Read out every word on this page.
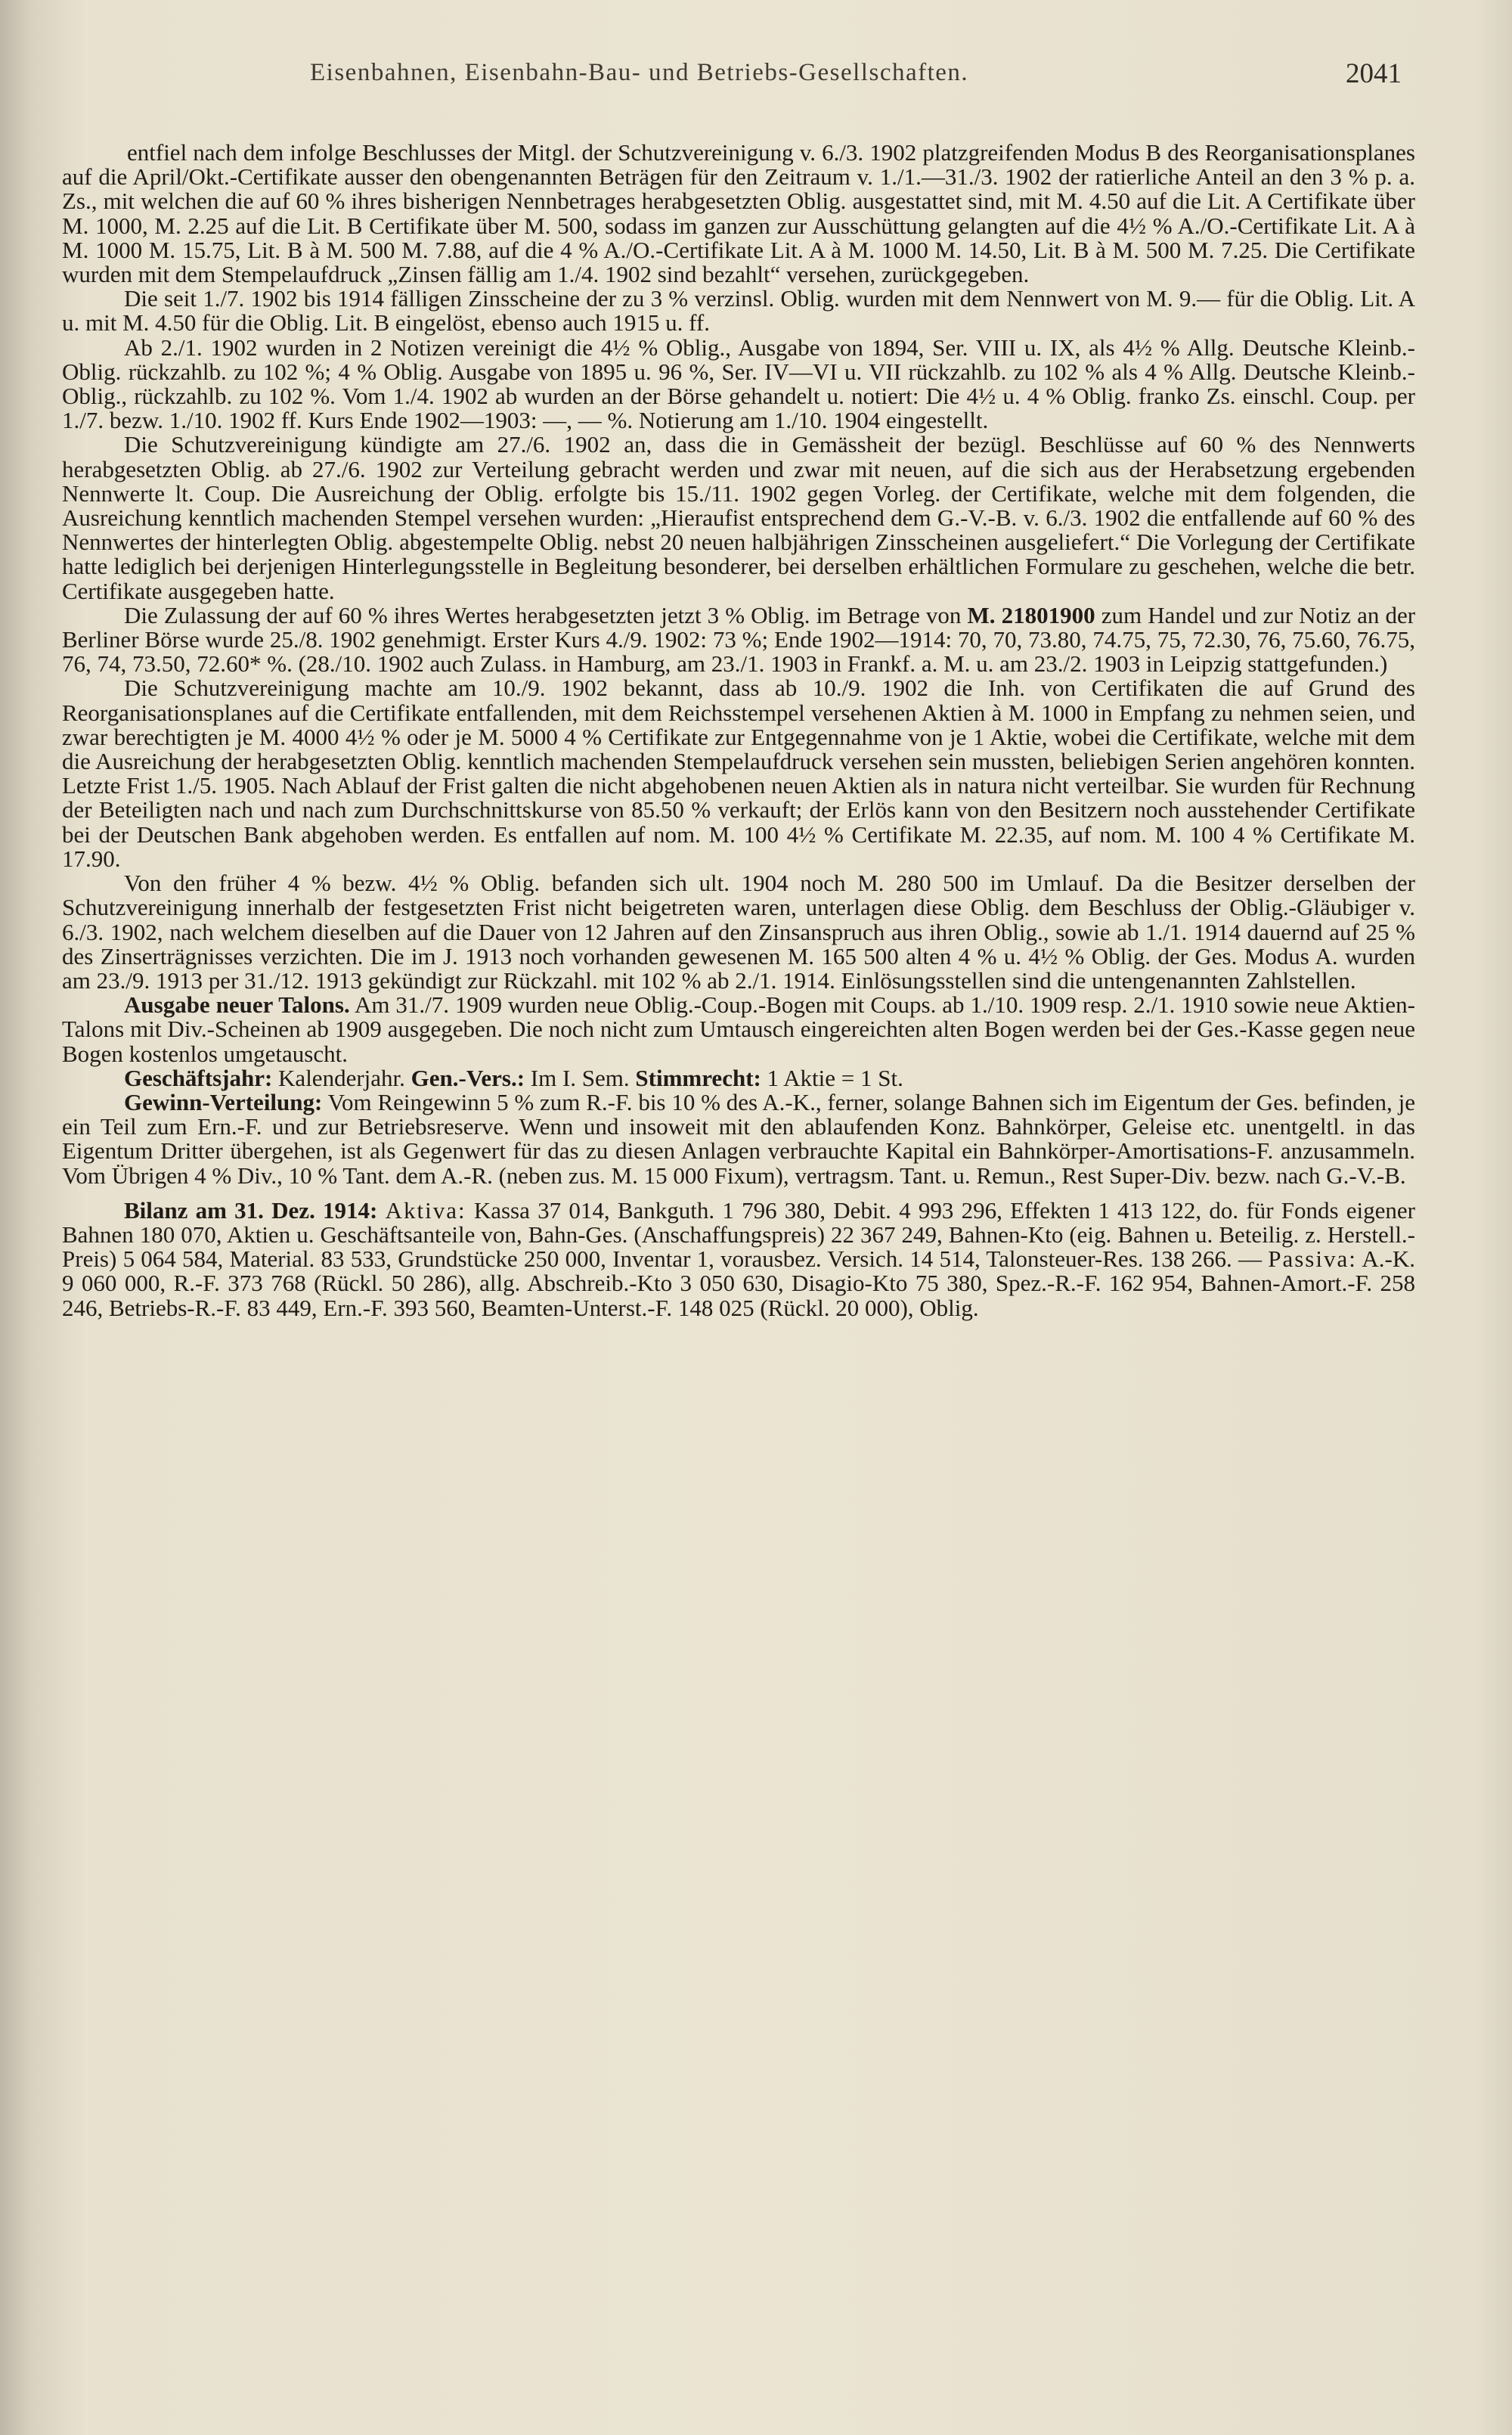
Eisenbahnen, Eisenbahn-Bau- und Betriebs-Gesellschaften.	2041

entfiel nach dem infolge Beschlusses der Mitgl. der Schutzvereinigung v. 6./3. 1902 platzgreifenden Modus B des Reorganisationsplanes auf die April/Okt.-Certifikate ausser den obengenannten Beträgen für den Zeitraum v. 1./1.—31./3. 1902 der ratierliche Anteil an den 3 % p. a. Zs., mit welchen die auf 60 % ihres bisherigen Nennbetrages herabgesetzten Oblig. ausgestattet sind, mit M. 4.50 auf die Lit. A Certifikate über M. 1000, M. 2.25 auf die Lit. B Certifikate über M. 500, sodass im ganzen zur Ausschüttung gelangten auf die 4½ % A./O.-Certifikate Lit. A à M. 1000 M. 15.75, Lit. B à M. 500 M. 7.88, auf die 4 % A./O.-Certifikate Lit. A à M. 1000 M. 14.50, Lit. B à M. 500 M. 7.25. Die Certifikate wurden mit dem Stempelaufdruck „Zinsen fällig am 1./4. 1902 sind bezahlt“ versehen, zurückgegeben.

Die seit 1./7. 1902 bis 1914 fälligen Zinsscheine der zu 3 % verzinsl. Oblig. wurden mit dem Nennwert von M. 9.— für die Oblig. Lit. A u. mit M. 4.50 für die Oblig. Lit. B eingelöst, ebenso auch 1915 u. ff.

Ab 2./1. 1902 wurden in 2 Notizen vereinigt die 4½ % Oblig., Ausgabe von 1894, Ser. VIII u. IX, als 4½ % Allg. Deutsche Kleinb.-Oblig. rückzahlb. zu 102 %; 4 % Oblig. Ausgabe von 1895 u. 96 %, Ser. IV—VI u. VII rückzahlb. zu 102 % als 4 % Allg. Deutsche Kleinb.-Oblig., rückzahlb. zu 102 %. Vom 1./4. 1902 ab wurden an der Börse gehandelt u. notiert: Die 4½ u. 4 % Oblig. franko Zs. einschl. Coup. per 1./7. bezw. 1./10. 1902 ff. Kurs Ende 1902—1903: —, — %. Notierung am 1./10. 1904 eingestellt.

Die Schutzvereinigung kündigte am 27./6. 1902 an, dass die in Gemässheit der bezügl. Beschlüsse auf 60 % des Nennwerts herabgesetzten Oblig. ab 27./6. 1902 zur Verteilung gebracht werden und zwar mit neuen, auf die sich aus der Herabsetzung ergebenden Nennwerte lt. Coup. Die Ausreichung der Oblig. erfolgte bis 15./11. 1902 gegen Vorleg. der Certifikate, welche mit dem folgenden, die Ausreichung kenntlich machenden Stempel versehen wurden: „Hieraufist entsprechend dem G.-V.-B. v. 6./3. 1902 die entfallende auf 60 % des Nennwertes der hinterlegten Oblig. abgestempelte Oblig. nebst 20 neuen halbjährigen Zinsscheinen ausgeliefert.“ Die Vorlegung der Certifikate hatte lediglich bei derjenigen Hinterlegungsstelle in Begleitung besonderer, bei derselben erhältlichen Formulare zu geschehen, welche die betr. Certifikate ausgegeben hatte.

Die Zulassung der auf 60 % ihres Wertes herabgesetzten jetzt 3 % Oblig. im Betrage von M. 21801900 zum Handel und zur Notiz an der Berliner Börse wurde 25./8. 1902 genehmigt. Erster Kurs 4./9. 1902: 73 %; Ende 1902—1914: 70, 70, 73.80, 74.75, 75, 72.30, 76, 75.60, 76.75, 76, 74, 73.50, 72.60* %. (28./10. 1902 auch Zulass. in Hamburg, am 23./1. 1903 in Frankf. a. M. u. am 23./2. 1903 in Leipzig stattgefunden.)

Die Schutzvereinigung machte am 10./9. 1902 bekannt, dass ab 10./9. 1902 die Inh. von Certifikaten die auf Grund des Reorganisationsplanes auf die Certifikate entfallenden, mit dem Reichsstempel versehenen Aktien à M. 1000 in Empfang zu nehmen seien, und zwar berechtigten je M. 4000 4½ % oder je M. 5000 4 % Certifikate zur Entgegennahme von je 1 Aktie, wobei die Certifikate, welche mit dem die Ausreichung der herabgesetzten Oblig. kenntlich machenden Stempelaufdruck versehen sein mussten, beliebigen Serien angehören konnten. Letzte Frist 1./5. 1905. Nach Ablauf der Frist galten die nicht abgehobenen neuen Aktien als in natura nicht verteilbar. Sie wurden für Rechnung der Beteiligten nach und nach zum Durchschnittskurse von 85.50 % verkauft; der Erlös kann von den Besitzern noch ausstehender Certifikate bei der Deutschen Bank abgehoben werden. Es entfallen auf nom. M. 100 4½ % Certifikate M. 22.35, auf nom. M. 100 4 % Certifikate M. 17.90.

Von den früher 4 % bezw. 4½ % Oblig. befanden sich ult. 1904 noch M. 280 500 im Umlauf. Da die Besitzer derselben der Schutzvereinigung innerhalb der festgesetzten Frist nicht beigetreten waren, unterlagen diese Oblig. dem Beschluss der Oblig.-Gläubiger v. 6./3. 1902, nach welchem dieselben auf die Dauer von 12 Jahren auf den Zinsanspruch aus ihren Oblig., sowie ab 1./1. 1914 dauernd auf 25 % des Zinserträgnisses verzichten. Die im J. 1913 noch vorhanden gewesenen M. 165 500 alten 4 % u. 4½ % Oblig. der Ges. Modus A. wurden am 23./9. 1913 per 31./12. 1913 gekündigt zur Rückzahl. mit 102 % ab 2./1. 1914. Einlösungsstellen sind die untengenannten Zahlstellen.

Ausgabe neuer Talons. Am 31./7. 1909 wurden neue Oblig.-Coup.-Bogen mit Coups. ab 1./10. 1909 resp. 2./1. 1910 sowie neue Aktien-Talons mit Div.-Scheinen ab 1909 ausgegeben. Die noch nicht zum Umtausch eingereichten alten Bogen werden bei der Ges.-Kasse gegen neue Bogen kostenlos umgetauscht.

Geschäftsjahr: Kalenderjahr. Gen.-Vers.: Im I. Sem. Stimmrecht: 1 Aktie = 1 St.

Gewinn-Verteilung: Vom Reingewinn 5 % zum R.-F. bis 10 % des A.-K., ferner, solange Bahnen sich im Eigentum der Ges. befinden, je ein Teil zum Ern.-F. und zur Betriebsreserve. Wenn und insoweit mit den ablaufenden Konz. Bahnkörper, Geleise etc. unentgeltl. in das Eigentum Dritter übergehen, ist als Gegenwert für das zu diesen Anlagen verbrauchte Kapital ein Bahnkörper-Amortisations-F. anzusammeln. Vom Übrigen 4 % Div., 10 % Tant. dem A.-R. (neben zus. M. 15 000 Fixum), vertragsm. Tant. u. Remun., Rest Super-Div. bezw. nach G.-V.-B.

Bilanz am 31. Dez. 1914: Aktiva: Kassa 37 014, Bankguth. 1 796 380, Debit. 4 993 296, Effekten 1 413 122, do. für Fonds eigener Bahnen 180 070, Aktien u. Geschäftsanteile von, Bahn-Ges. (Anschaffungspreis) 22 367 249, Bahnen-Kto (eig. Bahnen u. Beteilig. z. Herstell.-Preis) 5 064 584, Material. 83 533, Grundstücke 250 000, Inventar 1, vorausbez. Versich. 14 514, Talonsteuer-Res. 138 266. — Passiva: A.-K. 9 060 000, R.-F. 373 768 (Rückl. 50 286), allg. Abschreib.-Kto 3 050 630, Disagio-Kto 75 380, Spez.-R.-F. 162 954, Bahnen-Amort.-F. 258 246, Betriebs-R.-F. 83 449, Ern.-F. 393 560, Beamten-Unterst.-F. 148 025 (Rückl. 20 000), Oblig.
